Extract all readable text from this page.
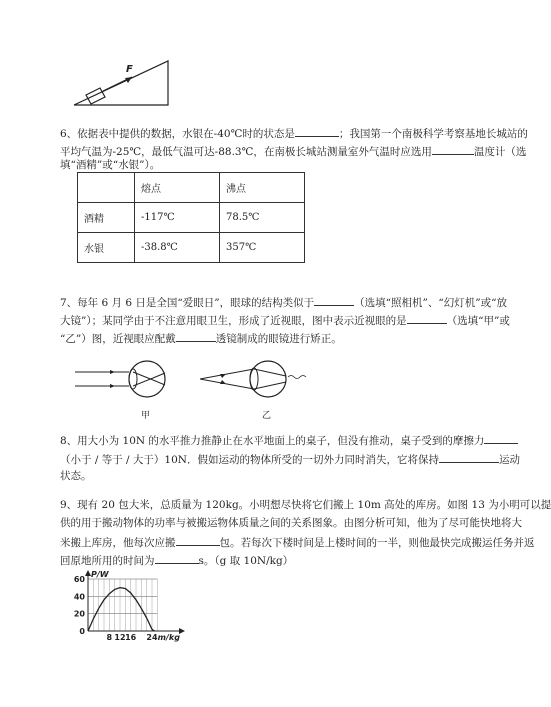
F
6、依据表中提供的数据，水银在-40℃时的状态是	；我国第一个南极科学考察基地长城站的
平均气温为-25℃，最低气温可达-88.3℃，在南极长城站测量室外气温时应选用	温度计（选
填“酒精”或“水银”）。
	熔点	沸点
酒精	-117℃	78.5℃
水银	-38.8℃	357℃
7、每年 6 月 6 日是全国“爱眼日”，眼球的结构类似于	（选填“照相机”、“幻灯机”或“放
大镜”）；某同学由于不注意用眼卫生，形成了近视眼，图中表示近视眼的是	（选填“甲”或
“乙”）图，近视眼应配戴	透镜制成的眼镜进行矫正。
甲	乙
8、用大小为 10N 的水平推力推静止在水平地面上的桌子，但没有推动，桌子受到的摩擦力
（小于 / 等于 / 大于）10N．假如运动的物体所受的一切外力同时消失，它将保持	运动
状态。
9、现有 20 包大米，总质量为 120kg。小明想尽快将它们搬上 10m 高处的库房。如图 13 为小明可以提
供的用于搬动物体的功率与被搬运物体质量之间的关系图象。由图分析可知，他为了尽可能快地将大
米搬上库房，他每次应搬	包。若每次下楼时间是上楼时间的一半，则他最快完成搬运任务并返
回原地所用的时间为	s。（g 取 10N/kg）
0
20
40
60
8 12 16 24
P/W
m/kg
